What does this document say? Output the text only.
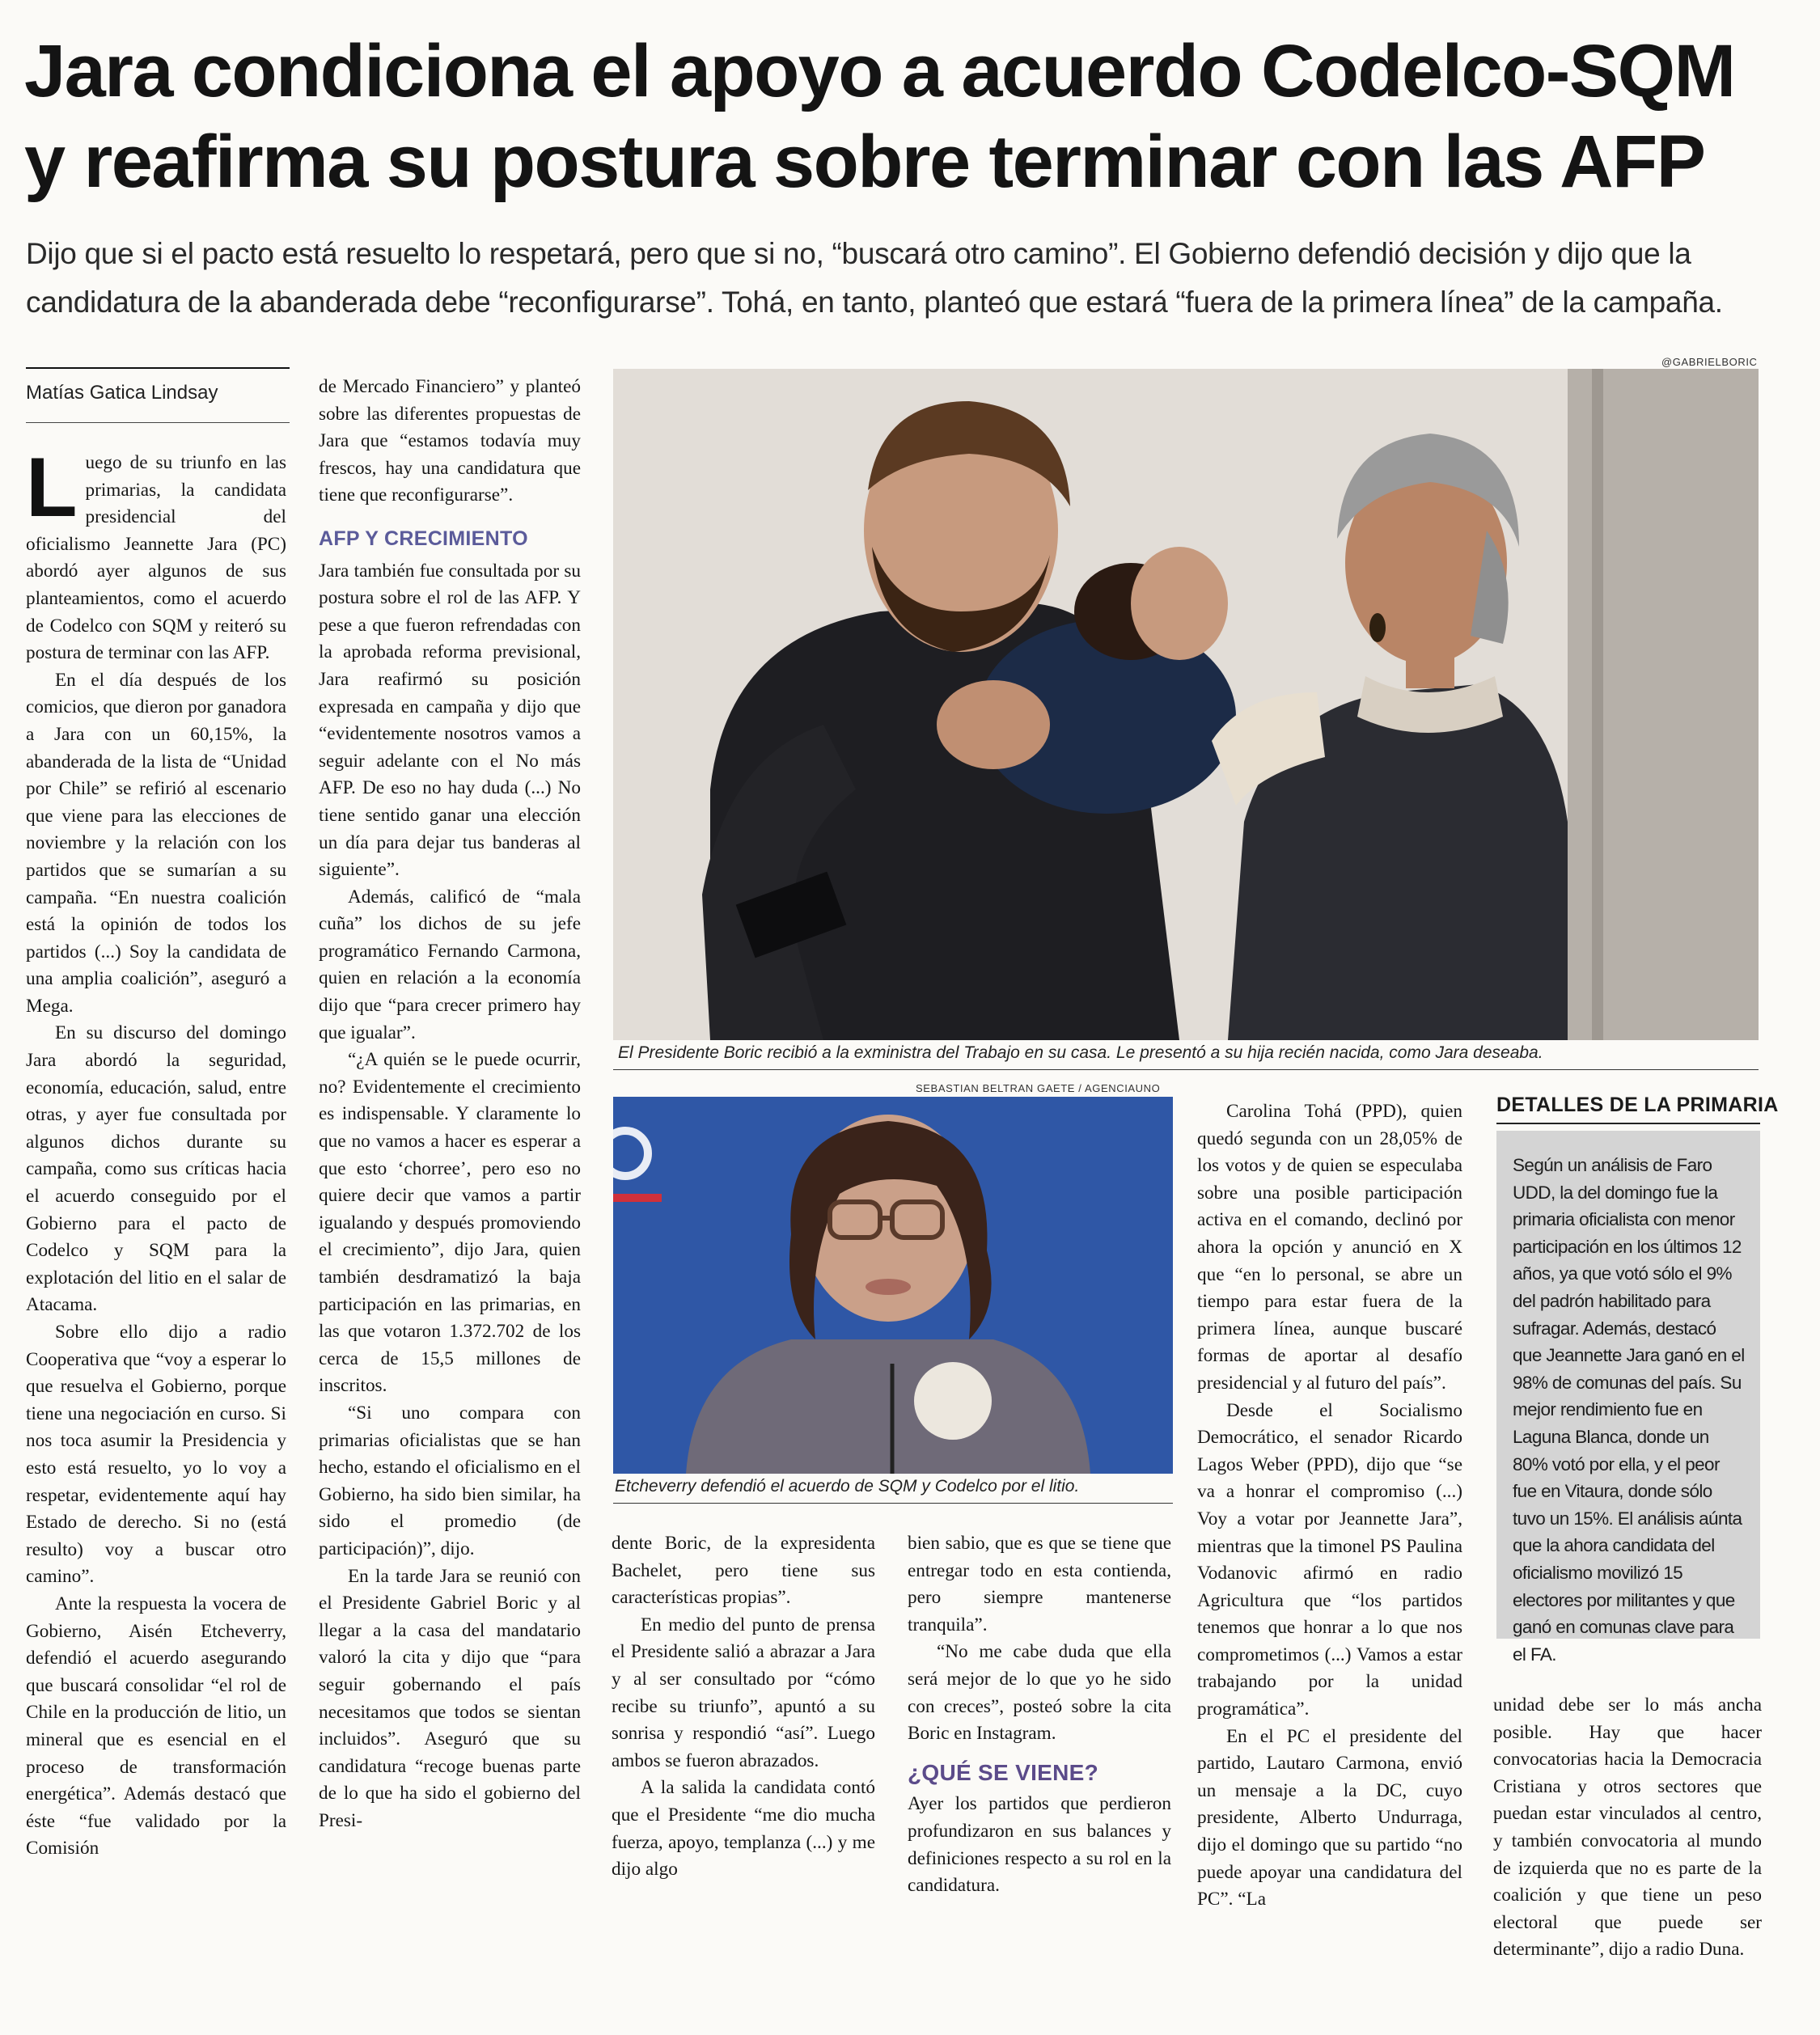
Jara condiciona el apoyo a acuerdo Codelco-SQM
y reafirma su postura sobre terminar con las AFP

Dijo que si el pacto está resuelto lo respetará, pero que si no, “buscará otro camino”. El Gobierno defendió decisión y dijo que la candidatura de la abanderada debe “reconfigurarse”. Tohá, en tanto, planteó que estará “fuera de la primera línea” de la campaña.

Matías Gatica Lindsay

Luego de su triunfo en las primarias, la candidata presidencial del oficialismo Jeannette Jara (PC) abordó ayer algunos de sus planteamientos, como el acuerdo de Codelco con SQM y reiteró su postura de terminar con las AFP.

En el día después de los comicios, que dieron por ganadora a Jara con un 60,15%, la abanderada de la lista de “Unidad por Chile” se refirió al escenario que viene para las elecciones de noviembre y la relación con los partidos que se sumarían a su campaña. “En nuestra coalición está la opinión de todos los partidos (...) Soy la candidata de una amplia coalición”, aseguró a Mega.

En su discurso del domingo Jara abordó la seguridad, economía, educación, salud, entre otras, y ayer fue consultada por algunos dichos durante su campaña, como sus críticas hacia el acuerdo conseguido por el Gobierno para el pacto de Codelco y SQM para la explotación del litio en el salar de Atacama.

Sobre ello dijo a radio Cooperativa que “voy a esperar lo que resuelva el Gobierno, porque tiene una negociación en curso. Si nos toca asumir la Presidencia y esto está resuelto, yo lo voy a respetar, evidentemente aquí hay Estado de derecho. Si no (está resulto) voy a buscar otro camino”.

Ante la respuesta la vocera de Gobierno, Aisén Etcheverry, defendió el acuerdo asegurando que buscará consolidar “el rol de Chile en la producción de litio, un mineral que es esencial en el proceso de transformación energética”. Además destacó que éste “fue validado por la Comisión

de Mercado Financiero” y planteó sobre las diferentes propuestas de Jara que “estamos todavía muy frescos, hay una candidatura que tiene que reconfigurarse”.

AFP Y CRECIMIENTO

Jara también fue consultada por su postura sobre el rol de las AFP. Y pese a que fueron refrendadas con la aprobada reforma previsional, Jara reafirmó su posición expresada en campaña y dijo que “evidentemente nosotros vamos a seguir adelante con el No más AFP. De eso no hay duda (...) No tiene sentido ganar una elección un día para dejar tus banderas al siguiente”.

Además, calificó de “mala cuña” los dichos de su jefe programático Fernando Carmona, quien en relación a la economía dijo que “para crecer primero hay que igualar”.

“¿A quién se le puede ocurrir, no? Evidentemente el crecimiento es indispensable. Y claramente lo que no vamos a hacer es esperar a que esto ‘chorree’, pero eso no quiere decir que vamos a partir igualando y después promoviendo el crecimiento”, dijo Jara, quien también desdramatizó la baja participación en las primarias, en las que votaron 1.372.702 de los cerca de 15,5 millones de inscritos.

“Si uno compara con primarias oficialistas que se han hecho, estando el oficialismo en el Gobierno, ha sido bien similar, ha sido el promedio (de participación)”, dijo.

En la tarde Jara se reunió con el Presidente Gabriel Boric y al llegar a la casa del mandatario valoró la cita y dijo que “para seguir gobernando el país necesitamos que todos se sientan incluidos”. Aseguró que su candidatura “recoge buenas parte de lo que ha sido el gobierno del Presi-

@GABRIELBORIC
El Presidente Boric recibió a la exministra del Trabajo en su casa. Le presentó a su hija recién nacida, como Jara deseaba.
SEBASTIAN BELTRAN GAETE / AGENCIAUNO
Etcheverry defendió el acuerdo de SQM y Codelco por el litio.

dente Boric, de la expresidenta Bachelet, pero tiene sus características propias”.

En medio del punto de prensa el Presidente salió a abrazar a Jara y al ser consultado por “cómo recibe su triunfo”, apuntó a su sonrisa y respondió “así”. Luego ambos se fueron abrazados.

A la salida la candidata contó que el Presidente “me dio mucha fuerza, apoyo, templanza (...) y me dijo algo

bien sabio, que es que se tiene que entregar todo en esta contienda, pero siempre mantenerse tranquila”.

“No me cabe duda que ella será mejor de lo que yo he sido con creces”, posteó sobre la cita Boric en Instagram.

¿QUÉ SE VIENE?

Ayer los partidos que perdieron profundizaron en sus balances y definiciones respecto a su rol en la candidatura.

Carolina Tohá (PPD), quien quedó segunda con un 28,05% de los votos y de quien se especulaba sobre una posible participación activa en el comando, declinó por ahora la opción y anunció en X que “en lo personal, se abre un tiempo para estar fuera de la primera línea, aunque buscaré formas de aportar al desafío presidencial y al futuro del país”.

Desde el Socialismo Democrático, el senador Ricardo Lagos Weber (PPD), dijo que “se va a honrar el compromiso (...) Voy a votar por Jeannette Jara”, mientras que la timonel PS Paulina Vodanovic afirmó en radio Agricultura que “los partidos tenemos que honrar a lo que nos comprometimos (...) Vamos a estar trabajando por la unidad programática”.

En el PC el presidente del partido, Lautaro Carmona, envió un mensaje a la DC, cuyo presidente, Alberto Undurraga, dijo el domingo que su partido “no puede apoyar una candidatura del PC”. “La

DETALLES DE LA PRIMARIA
Según un análisis de Faro UDD, la del domingo fue la primaria oficialista con menor participación en los últimos 12 años, ya que votó sólo el 9% del padrón habilitado para sufragar. Además, destacó que Jeannette Jara ganó en el 98% de comunas del país. Su mejor rendimiento fue en Laguna Blanca, donde un 80% votó por ella, y el peor fue en Vitaura, donde sólo tuvo un 15%. El análisis aúnta que la ahora candidata del oficialismo movilizó 15 electores por militantes y que ganó en comunas clave para el FA.

unidad debe ser lo más ancha posible. Hay que hacer convocatorias hacia la Democracia Cristiana y otros sectores que puedan estar vinculados al centro, y también convocatoria al mundo de izquierda que no es parte de la coalición y que tiene un peso electoral que puede ser determinante”, dijo a radio Duna.
